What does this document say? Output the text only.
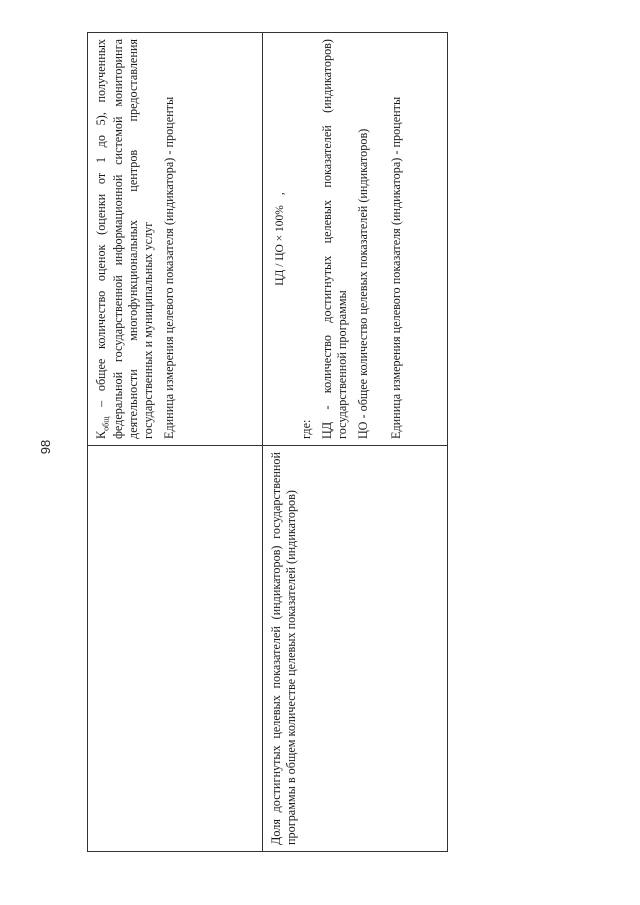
98

	$К_{общ}$ – общее количество оценок (оценки от 1 до 5), полученных федеральной государственной информационной системой мониторинга деятельности многофункциональных центров предоставления государственных и муниципальных услуг Единица измерения целевого показателя (индикатора) - проценты

Доля достигнутых целевых показателей (индикаторов) государственной программы в общем количестве целевых показателей (индикаторов)	ЦД / ЦО × 100%,

где: ЦД - количество достигнутых целевых показателей (индикаторов) государственной программы ЦО - общее количество целевых показателей (индикаторов) Единица измерения целевого показателя (индикатора) - проценты
